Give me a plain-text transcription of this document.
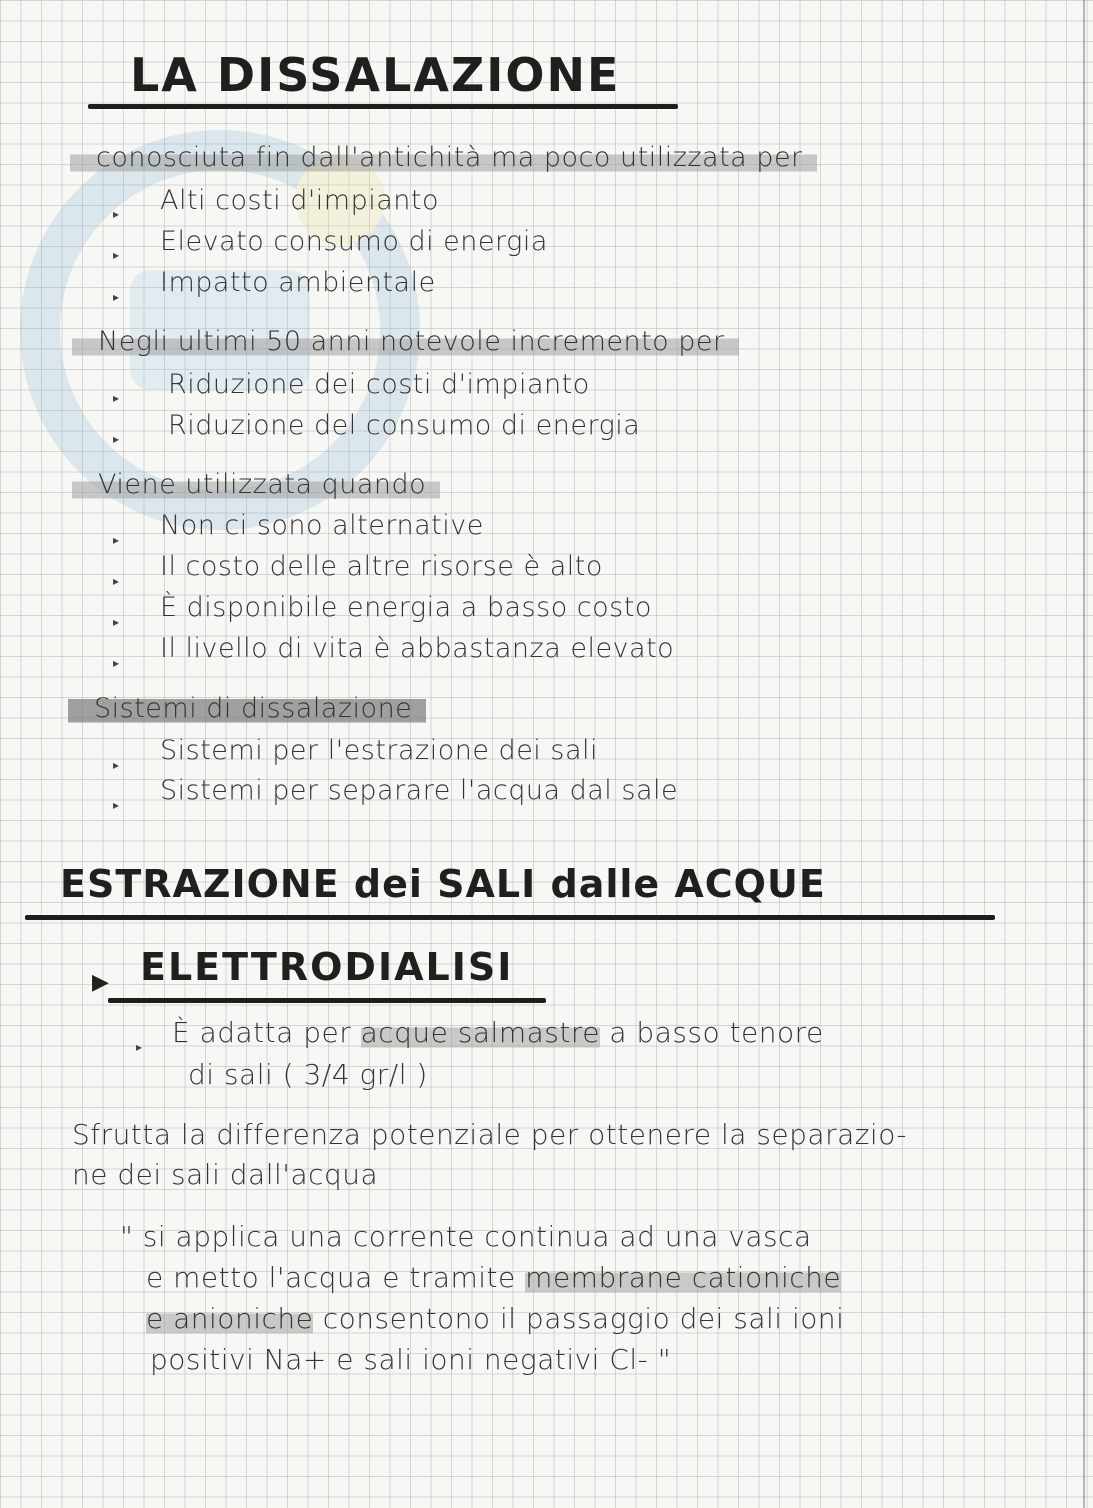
LA DISSALAZIONE
conosciuta fin dall'antichità ma poco utilizzata per
▸ Alti costi d'impianto
▸ Elevato consumo di energia
▸ Impatto ambientale
Negli ultimi 50 anni notevole incremento per
▸ Riduzione dei costi d'impianto
▸ Riduzione del consumo di energia
Viene utilizzata quando
▸ Non ci sono alternative
▸ Il costo delle altre risorse è alto
▸ È disponibile energia a basso costo
▸ Il livello di vita è abbastanza elevato
Sistemi di dissalazione
▸ Sistemi per l'estrazione dei sali
▸ Sistemi per separare l'acqua dal sale
ESTRAZIONE dei SALI dalle ACQUE
▶ ELETTRODIALISI
▸ È adatta per acque salmastre a basso tenore
di sali ( 3/4 gr/l )
Sfrutta la differenza potenziale per ottenere la separazio-
ne dei sali dall'acqua
" si applica una corrente continua ad una vasca
e metto l'acqua e tramite membrane cationiche
e anioniche consentono il passaggio dei sali ioni
positivi Na+ e sali ioni negativi Cl- "
